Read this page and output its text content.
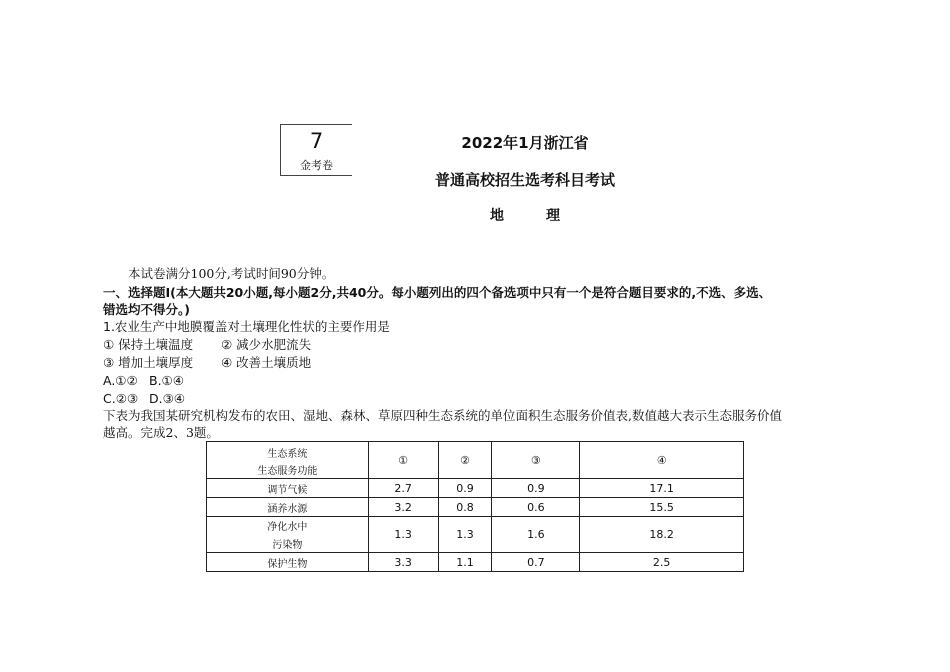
7
金考卷
2022年1月浙江省
普通高校招生选考科目考试
地　理
本试卷满分100分,考试时间90分钟。
一、选择题Ⅰ(本大题共20小题,每小题2分,共40分。每小题列出的四个备选项中只有一个是符合题目要求的,不选、多选、
错选均不得分。)
1.农业生产中地膜覆盖对土壤理化性状的主要作用是
① 保持土壤温度 ② 减少水肥流失
③ 增加土壤厚度 ④ 改善土壤质地
A.①② B.①④
C.②③ D.③④
下表为我国某研究机构发布的农田、湿地、森林、草原四种生态系统的单位面积生态服务价值表,数值越大表示生态服务价值
越高。完成2、3题。
生态系统
生态服务功能	①	②	③	④
调节气候	2.7	0.9	0.9	17.1
涵养水源	3.2	0.8	0.6	15.5

净化水中
污染物	1.3	1.3	1.6	18.2
保护生物	3.3	1.1	0.7	2.5
